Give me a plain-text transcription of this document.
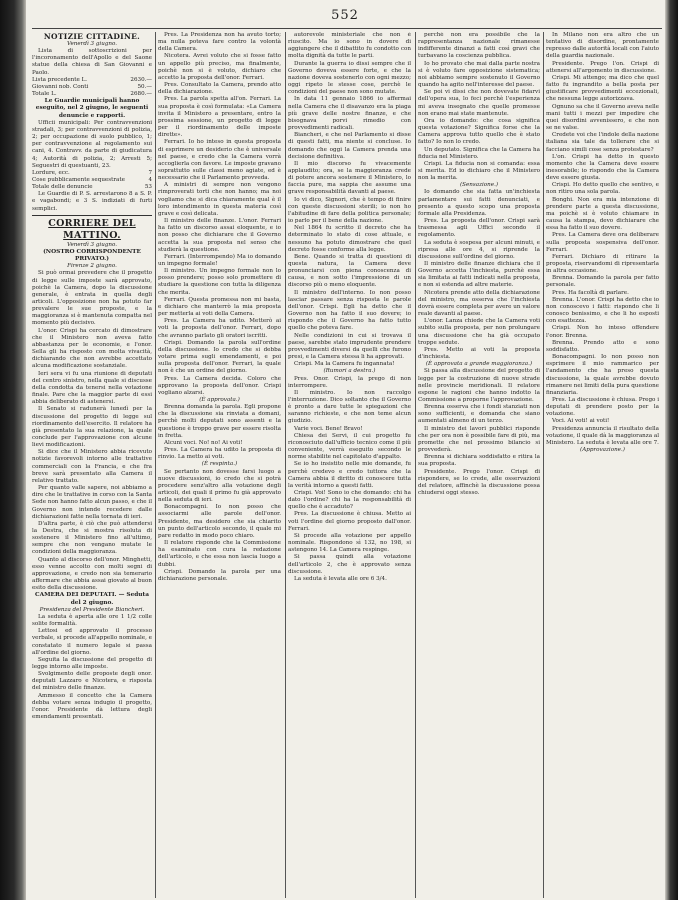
552
NOTIZIE CITTADINE.
Venerdì 3 giugno.

Lista di sottoscrizioni per l'incoronamento dell'Apollo e del Saone statue della chiesa di San Giovanni e Paolo.

Lista precedente L.	2630.—
Giovanni nob. Conti	50.—
Totale L.	2680.—
Le Guardie municipali hanno eseguito, nel 2 giugno, le seguenti denuncie e rapporti.

Ufficii municipali: Per contravvenzioni stradali, 3; per contravvenzioni di polizia, 2; per occupazione di suolo pubblico, 1; per contravvenzione al regolamento sui cani, 4. Contravv. da parte di giudicatura 4; Autorità di polizia, 2; Arresti 5; Seguestri di questuanti, 23.

Lordure, ecc.	7
Cose pubblicamente sequestrate	4
Totale delle denuncie	53

Le Guardie di P. S. arrestarono 8 a S. P. e vagabondi; e 3 S. indiziati di furti semplici.

CORRIERE DEL MATTINO.
Venerdì 3 giugno.
(NOSTRO CORRISPONDENTE PRIVATO.)
Firenze 2 giugno.

Si può ormai prevedere che il progetto di legge sulle imposte sarà approvato, poichè la Camera, dopo la discussione generale, è entrata in quella degli articoli. L'opposizione non ha potuto far prevalere le sue proposte, e la maggioranza si è mantenuta compatta nel momento più decisivo.

L'onor. Crispi ha cercato di dimostrare che il Ministero non aveva fatto abbastanza per le economie, e l'onor. Sella gli ha risposto con molta vivacità, dichiarando che non avrebbe accettato alcuna modificazione sostanziale.

Ieri sera vi fu una riunione di deputati del centro sinistro, nella quale si discusse della condotta da tenersi nella votazione finale. Pare che la maggior parte di essi abbia deliberato di astenersi.

Il Senato si radunerà lunedì per la discussione del progetto di legge sul riordinamento dell'esercito. Il relatore ha già presentato la sua relazione, la quale conclude per l'approvazione con alcune lievi modificazioni.

Si dice che il Ministero abbia ricevuto notizie favorevoli intorno alle trattative commerciali con la Francia, e che fra breve sarà presentato alla Camera il relativo trattato.

Per quanto valle sapere, noi abbiamo a dire che le trattative in corso con la Santa Sede non hanno fatto alcun passo, e che il Governo non intende recedere dalle dichiarazioni fatte nella tornata di ieri.

D'altra parte, è ciò che può attendersi la Destra, che si mostra risoluta di sostenere il Ministero fino all'ultimo, sempre che non vengano mutate le condizioni della maggioranza.

Quanto al discorso dell'onor. Minghetti, esso venne accolto con molti segni di approvazione, e credo non sia temerario affermare che abbia assai giovato al buon esito della discussione.

CAMERA DEI DEPUTATI. — Seduta del 2 giugno.
Presidenza del Presidente Biancheri.

La seduta è aperta alle ore 1 1/2 colle solite formalità.

Lettosi ed approvato il processo verbale, si procede all'appello nominale, e constatato il numero legale si passa all'ordine del giorno.

Seguita la discussione del progetto di legge intorno alle imposte.

Svolgimento delle proposte degli onor. deputati Lazzaro e Nicotera, e risposta del ministro delle finanze.

Ammesso il concetto che la Camera debba votare senza indugio il progetto, l'onor. Presidente dà lettura degli emendamenti presentati.

Pres. La Presidenza non ha avuto torto; ma nulla poteva fare contro la volontà della Camera.

Nicotera. Avrei voluto che si fosse fatto un appello più preciso, ma finalmente, poichè non si è voluto, dichiaro che accetto la proposta dell'onor. Ferrari.

Pres. Consultato la Camera, prendo atto della dichiarazione.

Pres. La parola spetta all'on. Ferrari. La sua proposta è così formulata: «La Camera invita il Ministero a presentare, entro la prossima sessione, un progetto di legge per il riordinamento delle imposte dirette».

Ferrari. Io ho inteso in questa proposta di esprimere un desiderio che è universale nel paese, e credo che la Camera vorrà accoglierla con favore. Le imposte gravano soprattutto sulle classi meno agiate, ed è necessario che il Parlamento provveda.

A ministri di sempre non vengono rimproverati torti che non hanno; ma noi vogliamo che si dica chiaramente qual è il loro intendimento in questa materia così grave e così delicata.

Il ministro delle finanze. L'onor. Ferrari ha fatto un discorso assai eloquente, e io non posso che dichiarare che il Governo accetta la sua proposta nel senso che studierà la questione.

Ferrari. (Interrompendo) Ma io domando un impegno formale!

Il ministro. Un impegno formale non lo posso prendere; posso solo promettere di studiare la questione con tutta la diligenza che merita.

Ferrari. Questa promessa non mi basta, e dichiaro che manterrò la mia proposta per metterla ai voti della Camera.

Pres. La Camera ha udito. Metterò ai voti la proposta dell'onor. Ferrari, dopo che avranno parlato gli oratori iscritti.

Crispi. Domando la parola sull'ordine della discussione. Io credo che si debba votare prima sugli emendamenti, e poi sulla proposta dell'onor. Ferrari, la quale non è che un ordine del giorno.

Pres. La Camera decida. Coloro che approvano la proposta dell'onor. Crispi vogliano alzarsi.

(È approvata.)

Brenna domanda la parola. Egli propone che la discussione sia rinviata a domani, perchè molti deputati sono assenti e la questione è troppo grave per essere risolta in fretta.

Alcuni voci. No! no! Ai voti!

Pres. La Camera ha udito la proposta di rinvio. La metto ai voti.

(È respinta.)

Se pertanto non dovesse farsi luogo a nuove discussioni, io credo che si potrà procedere senz'altro alla votazione degli articoli, dei quali il primo fu già approvato nella seduta di ieri.

Bonacompagni. Io non posso che associarmi alle parole dell'onor. Presidente, ma desidero che sia chiarito un punto dell'articolo secondo, il quale mi pare redatto in modo poco chiaro.

Il relatore risponde che la Commissione ha esaminato con cura la redazione dell'articolo, e che essa non lascia luogo a dubbi.

Crispi. Domando la parola per una dichiarazione personale.

autorevole ministeriale che non è riuscito. Ma io sono in dovere di aggiungere che il dibattito fu condotto con molta dignità da tutte le parti.

Durante la guerra io dissi sempre che il Governo doveva essere forte, e che la nazione doveva sostenerlo con ogni mezzo; oggi ripeto le stesse cose, perchè le condizioni del paese non sono mutate.

In data 11 gennaio 1866 io affermai nella Camera che il disavanzo era la piaga più grave delle nostre finanze, e che bisognava porvi rimedio con provvedimenti radicali.

Biancheri, e che nel Parlamento si disse di questi fatti, ma niente si concluse. Io domando che oggi la Camera prenda una decisione definitiva.

Il mio discorso fu vivacemente applaudito; ora, se la maggioranza crede di potere ancora sostenere il Ministero, lo faccia pure, ma sappia che assume una grave responsabilità davanti al paese.

Io vi dico, Signori, che è tempo di finire con queste discussioni sterili; io non ho l'abitudine di fare della politica personale; io parlo per il bene della nazione.

Nel 1864 fu scritto il decreto che ha determinato lo stato di cose attuale, e nessuno ha potuto dimostrare che quel decreto fosse conforme alla legge.

Bene. Quando si tratta di questioni di questa natura, la Camera deve pronunciarsi con piena conoscenza di causa, e non sotto l'impressione di un discorso più o meno eloquente.

Il ministro dell'interno. Io non posso lasciar passare senza risposta le parole dell'onor. Crispi. Egli ha detto che il Governo non ha fatto il suo dovere; io rispondo che il Governo ha fatto tutto quello che poteva fare.

Nelle condizioni in cui si trovava il paese, sarebbe stato imprudente prendere provvedimenti diversi da quelli che furono presi, e la Camera stessa li ha approvati.

Crispi. Ma la Camera fu ingannata!

(Rumori a destra.)

Pres. Onor. Crispi, la prego di non interrompere.

Il ministro. Io non raccolgo l'interruzione. Dico soltanto che il Governo è pronto a dare tutte le spiegazioni che saranno richieste, e che non teme alcun giudizio.

Varie voci. Bene! Bravo!

Chiesa dei Servi, il cui progetto fu riconosciuto dall'ufficio tecnico come il più conveniente, verrà eseguito secondo le norme stabilite nel capitolato d'appalto.

Se io ho insistito nelle mie domande, fu perchè credevo e credo tuttora che la Camera abbia il diritto di conoscere tutta la verità intorno a questi fatti.

Crispi. Voi! Sono io che domando: chi ha dato l'ordine? chi ha la responsabilità di quello che è accaduto?

Pres. La discussione è chiusa. Metto ai voti l'ordine del giorno proposto dall'onor. Ferrari.

Si procede alla votazione per appello nominale. Rispondono sì 132, no 198, si astengono 14. La Camera respinge.

Si passa quindi alla votazione dell'articolo 2, che è approvato senza discussione.

La seduta è levata alle ore 6 3/4.

perchè non era possibile che la rappresentanza nazionale rimanesse indifferente dinanzi a fatti così gravi che turbavano la coscienza pubblica.

Io ho provato che mai dalla parte nostra si è voluto fare opposizione sistematica; noi abbiamo sempre sostenuto il Governo quando ha agito nell'interesse del paese.

Se poi vi dissi che non dovevate fidarvi dell'opera sua, lo feci perchè l'esperienza mi aveva insegnato che quelle promesse non erano mai state mantenute.

Ora io domando: che cosa significa questa votazione? Significa forse che la Camera approva tutto quello che è stato fatto? Io non lo credo.

Un deputato. Significa che la Camera ha fiducia nel Ministero.

Crispi. La fiducia non si comanda: essa si merita. Ed io dichiaro che il Ministero non la merita.

(Sensazione.)

Io domando che sia fatta un'inchiesta parlamentare sui fatti denunciati, e presento a questo scopo una proposta formale alla Presidenza.

Pres. La proposta dell'onor. Crispi sarà trasmessa agli Uffici secondo il regolamento.

La seduta è sospesa per alcuni minuti, e ripresa alle ore 4, si riprende la discussione sull'ordine del giorno.

Il ministro delle finanze dichiara che il Governo accetta l'inchiesta, purchè essa sia limitata ai fatti indicati nella proposta, e non si estenda ad altre materie.

Nicotera prende atto della dichiarazione del ministro, ma osserva che l'inchiesta dovrà essere completa per avere un valore reale davanti al paese.

L'onor. Lanza chiede che la Camera voti subito sulla proposta, per non prolungare una discussione che ha già occupato troppe sedute.

Pres. Metto ai voti la proposta d'inchiesta.

(È approvata a grande maggioranza.)

Si passa alla discussione del progetto di legge per la costruzione di nuove strade nelle provincie meridionali. Il relatore espone le ragioni che hanno indotto la Commissione a proporne l'approvazione.

Brenna osserva che i fondi stanziati non sono sufficienti, e domanda che siano aumentati almeno di un terzo.

Il ministro dei lavori pubblici risponde che per ora non è possibile fare di più, ma promette che nel prossimo bilancio si provvederà.

Brenna si dichiara soddisfatto e ritira la sua proposta.

Presidente. Prego l'onor. Crispi di rispondere, se lo crede, alle osservazioni del relatore, affinchè la discussione possa chiudersi oggi stesso.

In Milano non era altro che un tentativo di disordine, prontamente represso dalle autorità locali con l'aiuto della guardia nazionale.

Presidente. Prego l'on. Crispi di attenersi all'argomento in discussione.

Crispi. Mi attengo; ma dico che quel fatto fu ingrandito a bella posta per giustificare provvedimenti eccezionali, che nessuna legge autorizzava.

Ognuno sa che il Governo aveva nelle mani tutti i mezzi per impedire che quei disordini avvenissero, e che non se ne valse.

Credete voi che l'indole della nazione italiana sia tale da tollerare che si facciano simili cose senza protestare?

L'on. Crispi ha detto in questo momento che la Camera deve essere inesorabile; io rispondo che la Camera deve essere giusta.

Crispi. Ho detto quello che sentivo, e non ritiro una sola parola.

Bonghi. Non era mia intenzione di prendere parte a questa discussione, ma poichè si è voluto chiamare in causa la stampa, devo dichiarare che essa ha fatto il suo dovere.

Pres. La Camera deve ora deliberare sulla proposta sospensiva dell'onor. Ferrari.

Ferrari. Dichiaro di ritirare la proposta, riservandomi di ripresentarla in altra occasione.

Brenna. Domando la parola per fatto personale.

Pres. Ha facoltà di parlare.

Brenna. L'onor. Crispi ha detto che io non conoscevo i fatti: rispondo che li conosco benissimo, e che li ho esposti con esattezza.

Crispi. Non ho inteso offendere l'onor. Brenna.

Brenna. Prendo atto e sono soddisfatto.

Bonacompagni. Io non posso non esprimere il mio rammarico per l'andamento che ha preso questa discussione, la quale avrebbe dovuto rimanere nei limiti della pura questione finanziaria.

Pres. La discussione è chiusa. Prego i deputati di prendere posto per la votazione.

Voci. Ai voti! ai voti!

Presidenza annuncia il risultato della votazione, il quale dà la maggioranza al Ministero. La seduta è levata alle ore 7.

(Approvazione.)
